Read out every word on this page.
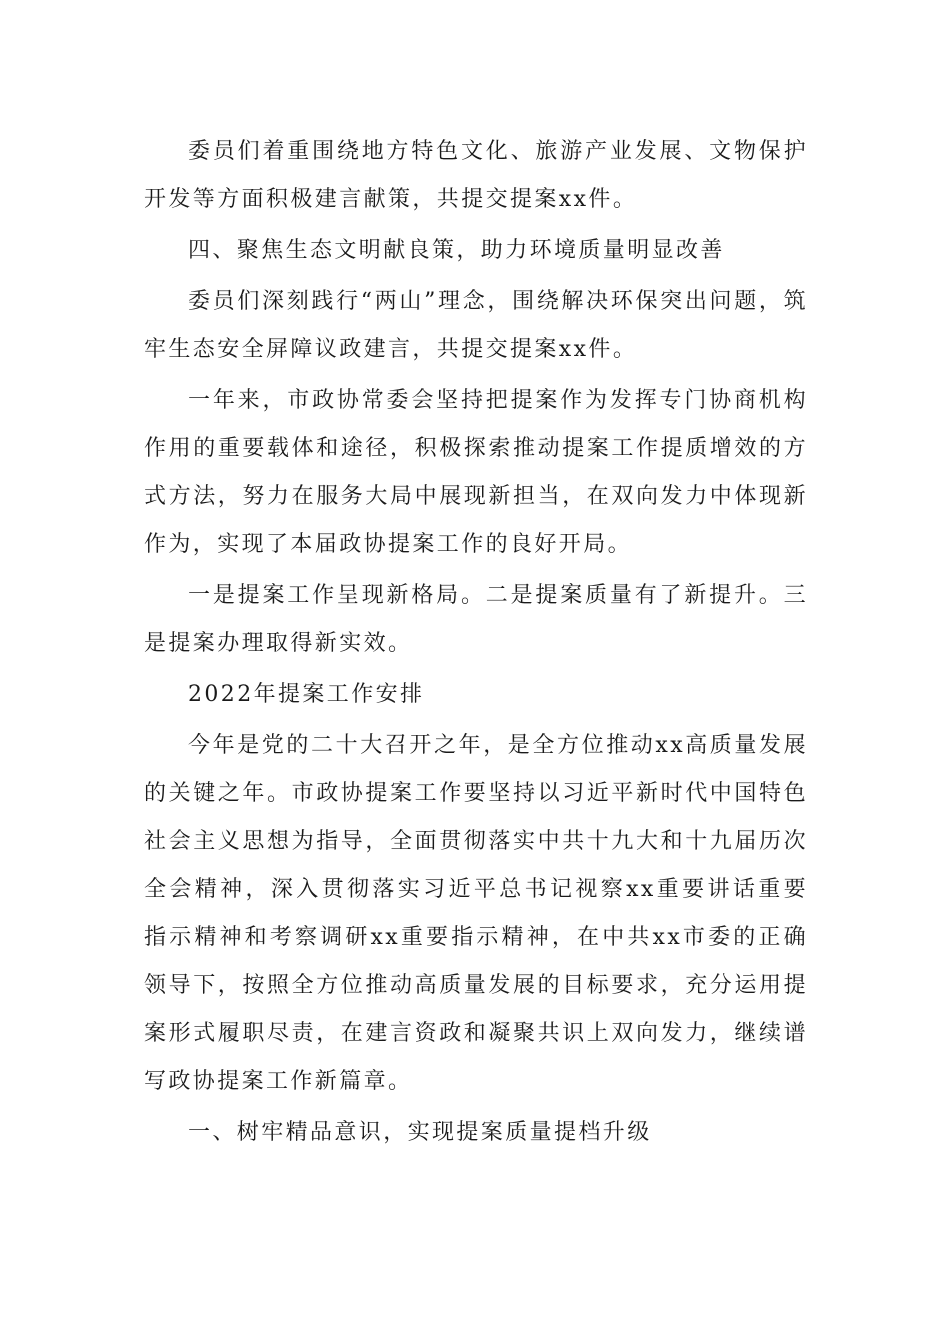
委员们着重围绕地方特色文化、旅游产业发展、文物保护开发等方面积极建言献策，共提交提案xx件。

四、聚焦生态文明献良策，助力环境质量明显改善

委员们深刻践行“两山”理念，围绕解决环保突出问题，筑牢生态安全屏障议政建言，共提交提案xx件。

一年来，市政协常委会坚持把提案作为发挥专门协商机构作用的重要载体和途径，积极探索推动提案工作提质增效的方式方法，努力在服务大局中展现新担当，在双向发力中体现新作为，实现了本届政协提案工作的良好开局。

一是提案工作呈现新格局。二是提案质量有了新提升。三是提案办理取得新实效。

2022年提案工作安排

今年是党的二十大召开之年，是全方位推动xx高质量发展的关键之年。市政协提案工作要坚持以习近平新时代中国特色社会主义思想为指导，全面贯彻落实中共十九大和十九届历次全会精神，深入贯彻落实习近平总书记视察xx重要讲话重要指示精神和考察调研xx重要指示精神，在中共xx市委的正确领导下，按照全方位推动高质量发展的目标要求，充分运用提案形式履职尽责，在建言资政和凝聚共识上双向发力，继续谱写政协提案工作新篇章。

一、树牢精品意识，实现提案质量提档升级
